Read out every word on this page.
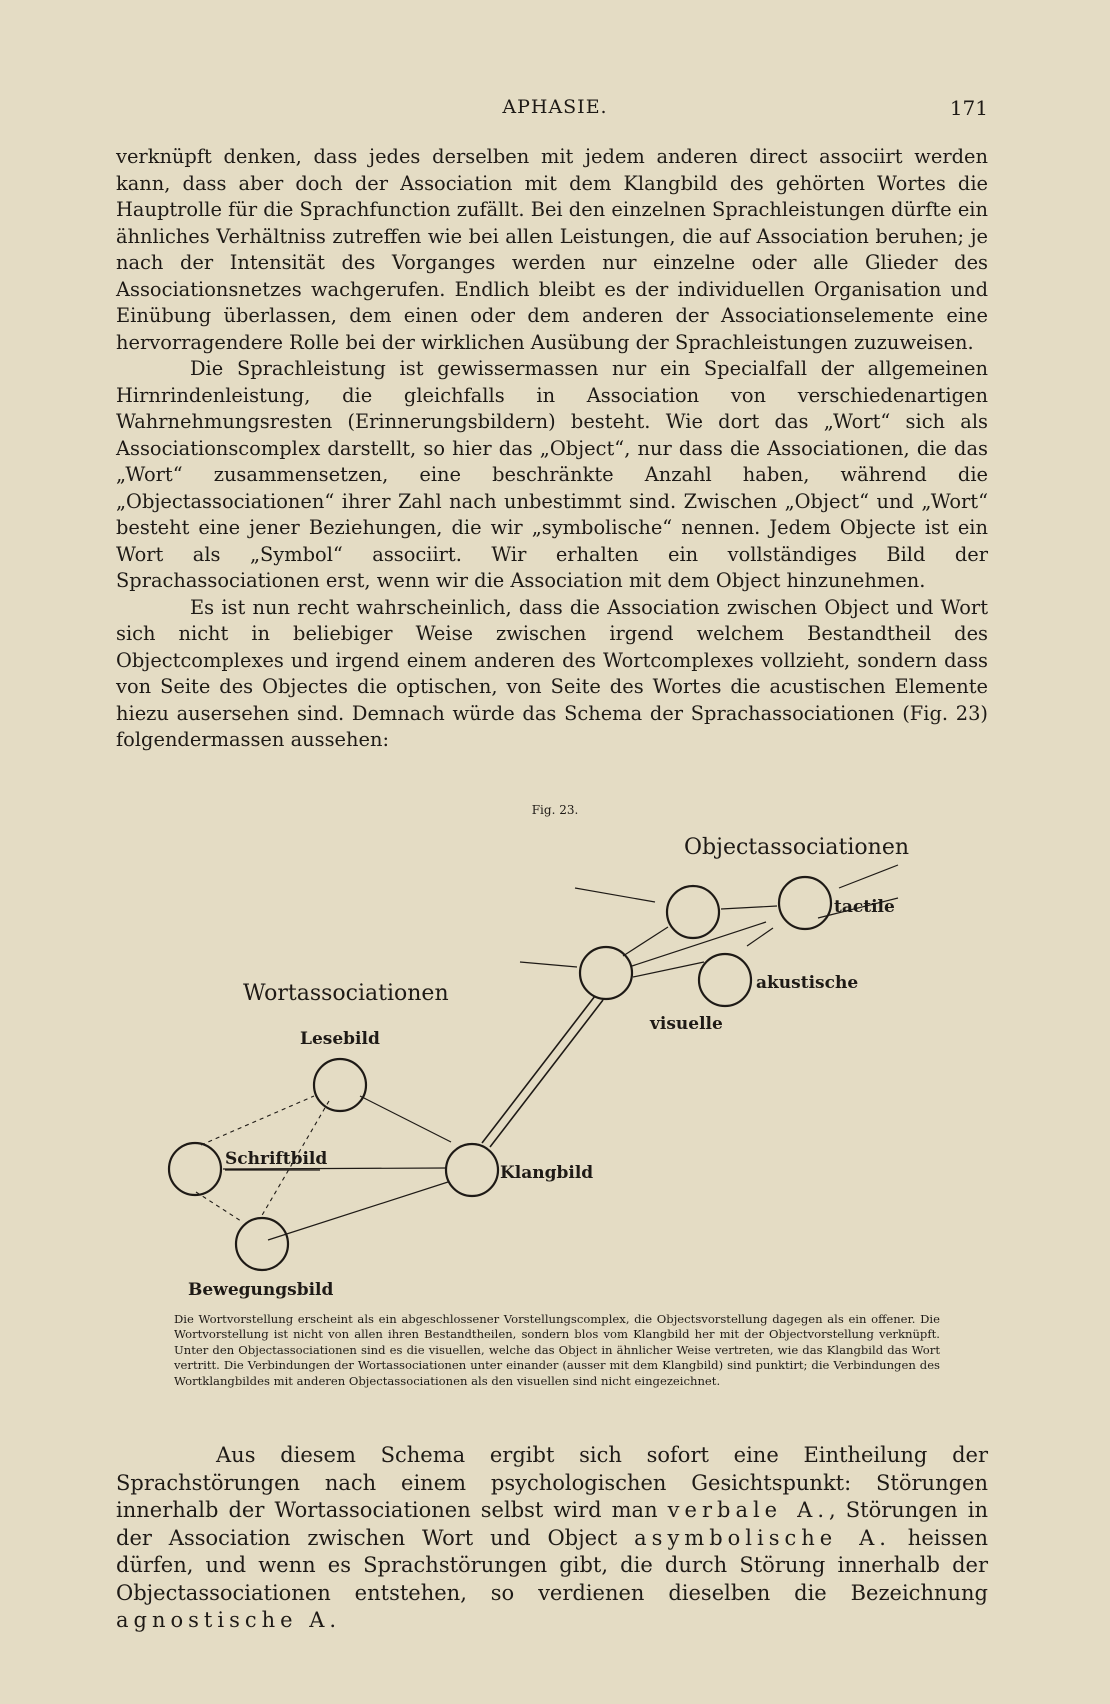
APHASIE.	171

verknüpft denken, dass jedes derselben mit jedem anderen direct associirt werden kann, dass aber doch der Association mit dem Klangbild des gehörten Wortes die Hauptrolle für die Sprachfunction zufällt. Bei den einzelnen Sprachleistungen dürfte ein ähnliches Verhältniss zutreffen wie bei allen Leistungen, die auf Association beruhen; je nach der Intensität des Vorganges werden nur einzelne oder alle Glieder des Associationsnetzes wachgerufen. Endlich bleibt es der individuellen Organisation und Einübung überlassen, dem einen oder dem anderen der Associationselemente eine hervorragendere Rolle bei der wirklichen Ausübung der Sprachleistungen zuzuweisen.

Die Sprachleistung ist gewissermassen nur ein Specialfall der allgemeinen Hirnrindenleistung, die gleichfalls in Association von verschiedenartigen Wahrnehmungsresten (Erinnerungsbildern) besteht. Wie dort das „Wort“ sich als Associationscomplex darstellt, so hier das „Object“, nur dass die Associationen, die das „Wort“ zusammensetzen, eine beschränkte Anzahl haben, während die „Objectassociationen“ ihrer Zahl nach unbestimmt sind. Zwischen „Object“ und „Wort“ besteht eine jener Beziehungen, die wir „symbolische“ nennen. Jedem Objecte ist ein Wort als „Symbol“ associirt. Wir erhalten ein vollständiges Bild der Sprachassociationen erst, wenn wir die Association mit dem Object hinzunehmen.

Es ist nun recht wahrscheinlich, dass die Association zwischen Object und Wort sich nicht in beliebiger Weise zwischen irgend welchem Bestandtheil des Objectcomplexes und irgend einem anderen des Wortcomplexes vollzieht, sondern dass von Seite des Objectes die optischen, von Seite des Wortes die acustischen Elemente hiezu ausersehen sind. Demnach würde das Schema der Sprachassociationen (Fig. 23) folgendermassen aussehen:

Fig. 23.
Objectassociationen
Wortassociationen
Lesebild
Schriftbild
Bewegungsbild
Klangbild
visuelle
tactile
akustische
Die Wortvorstellung erscheint als ein abgeschlossener Vorstellungscomplex, die Objectsvorstellung dagegen als ein offener. Die Wortvorstellung ist nicht von allen ihren Bestandtheilen, sondern blos vom Klangbild her mit der Objectvorstellung verknüpft. Unter den Objectassociationen sind es die visuellen, welche das Object in ähnlicher Weise vertreten, wie das Klangbild das Wort vertritt. Die Verbindungen der Wortassociationen unter einander (ausser mit dem Klangbild) sind punktirt; die Verbindungen des Wortklangbildes mit anderen Objectassociationen als den visuellen sind nicht eingezeichnet.

Aus diesem Schema ergibt sich sofort eine Eintheilung der Sprachstörungen nach einem psychologischen Gesichtspunkt: Störungen innerhalb der Wortassociationen selbst wird man verbale A., Störungen in der Association zwischen Wort und Object asymbolische A. heissen dürfen, und wenn es Sprachstörungen gibt, die durch Störung innerhalb der Objectassociationen entstehen, so verdienen dieselben die Bezeichnung agnostische A.
